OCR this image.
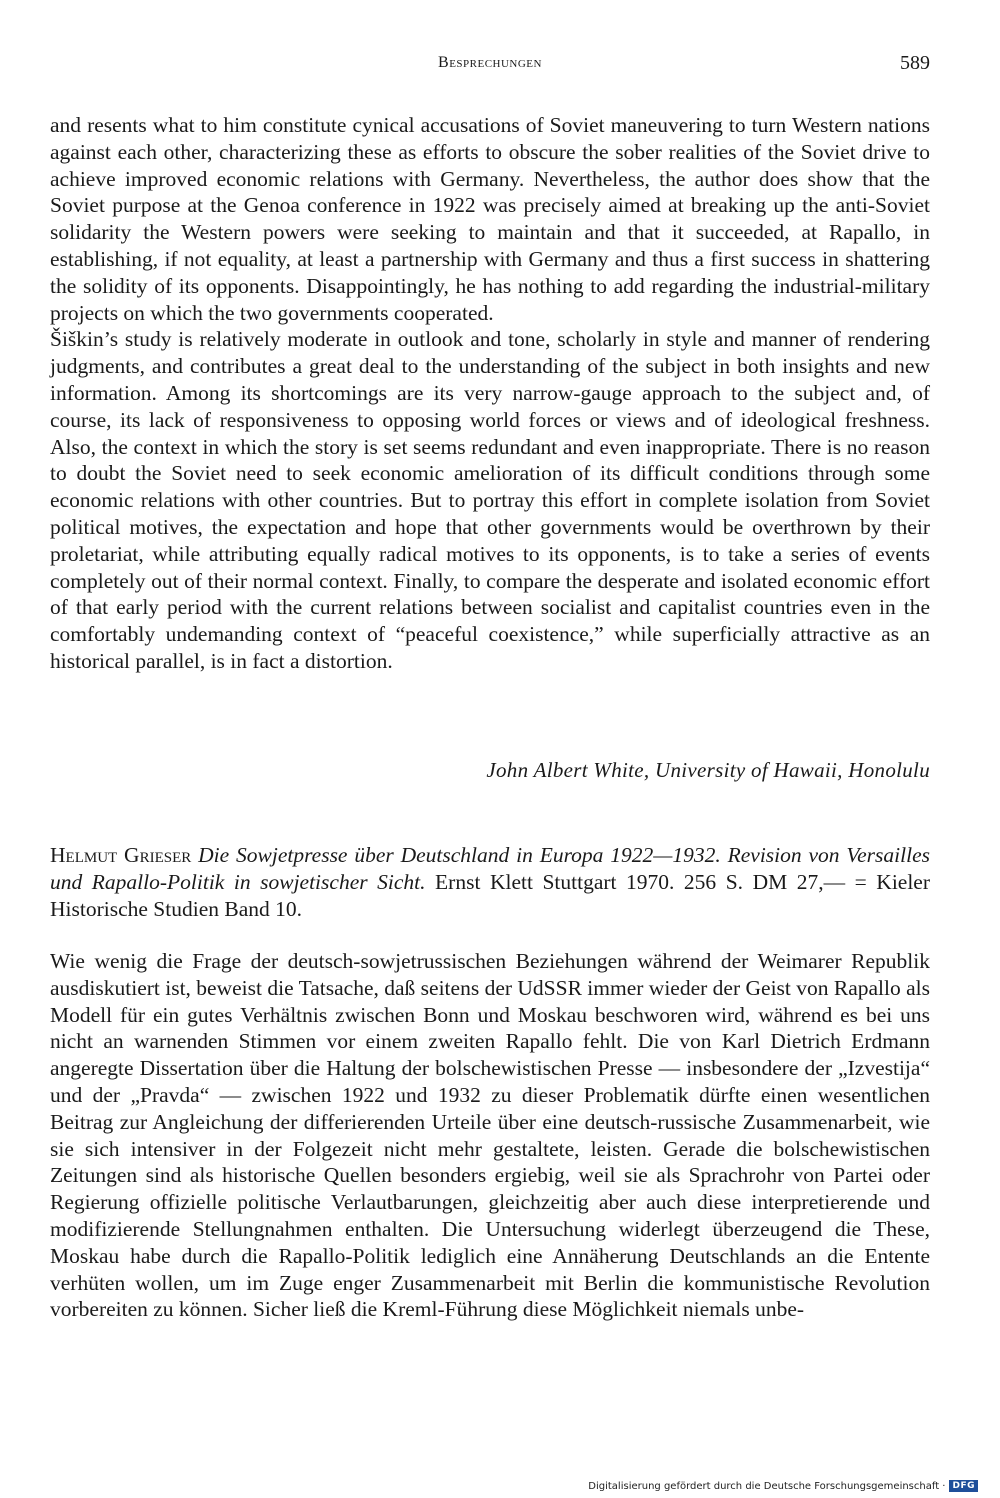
Besprechungen	589

and resents what to him constitute cynical accusations of Soviet maneuvering to turn Western nations against each other, characterizing these as efforts to obscure the sober realities of the Soviet drive to achieve improved economic relations with Germany. Nevertheless, the author does show that the Soviet purpose at the Genoa conference in 1922 was precisely aimed at breaking up the anti-Soviet solidarity the Western powers were seeking to maintain and that it succeeded, at Rapallo, in establishing, if not equality, at least a partnership with Germany and thus a first success in shattering the solidity of its opponents. Disappointingly, he has nothing to add regarding the industrial-military projects on which the two governments cooperated.

Šiškin’s study is relatively moderate in outlook and tone, scholarly in style and manner of rendering judgments, and contributes a great deal to the understanding of the subject in both insights and new information. Among its shortcomings are its very narrow-gauge approach to the subject and, of course, its lack of responsiveness to opposing world forces or views and of ideological freshness. Also, the context in which the story is set seems redundant and even inappropriate. There is no reason to doubt the Soviet need to seek economic amelioration of its difficult conditions through some economic relations with other countries. But to portray this effort in complete isolation from Soviet political motives, the expectation and hope that other governments would be overthrown by their proletariat, while attributing equally radical motives to its opponents, is to take a series of events completely out of their normal context. Finally, to compare the desperate and isolated economic effort of that early period with the current relations between socialist and capitalist countries even in the comfortably undemanding context of “peaceful coexistence,” while superficially attractive as an historical parallel, is in fact a distortion.

John Albert White, University of Hawaii, Honolulu
Helmut Grieser Die Sowjetpresse über Deutschland in Europa 1922—1932. Revision von Versailles und Rapallo-Politik in sowjetischer Sicht. Ernst Klett Stuttgart 1970. 256 S. DM 27,— = Kieler Historische Studien Band 10.

Wie wenig die Frage der deutsch-sowjetrussischen Beziehungen während der Weimarer Republik ausdiskutiert ist, beweist die Tatsache, daß seitens der UdSSR immer wieder der Geist von Rapallo als Modell für ein gutes Verhältnis zwischen Bonn und Moskau beschworen wird, während es bei uns nicht an warnenden Stimmen vor einem zweiten Rapallo fehlt. Die von Karl Dietrich Erdmann angeregte Dissertation über die Haltung der bolschewistischen Presse — insbesondere der „Izvestija“ und der „Pravda“ — zwischen 1922 und 1932 zu dieser Problematik dürfte einen wesentlichen Beitrag zur Angleichung der differierenden Urteile über eine deutsch-russische Zusammenarbeit, wie sie sich intensiver in der Folgezeit nicht mehr gestaltete, leisten. Gerade die bolschewistischen Zeitungen sind als historische Quellen besonders ergiebig, weil sie als Sprachrohr von Partei oder Regierung offizielle politische Verlautbarungen, gleichzeitig aber auch diese interpretierende und modifizierende Stellungnahmen enthalten. Die Untersuchung widerlegt überzeugend die These, Moskau habe durch die Rapallo-Politik lediglich eine Annäherung Deutschlands an die Entente verhüten wollen, um im Zuge enger Zusammenarbeit mit Berlin die kommunistische Revolution vorbereiten zu können. Sicher ließ die Kreml-Führung diese Möglichkeit niemals unbe-

Digitalisierung gefördert durch die Deutsche Forschungsgemeinschaft · DFG
